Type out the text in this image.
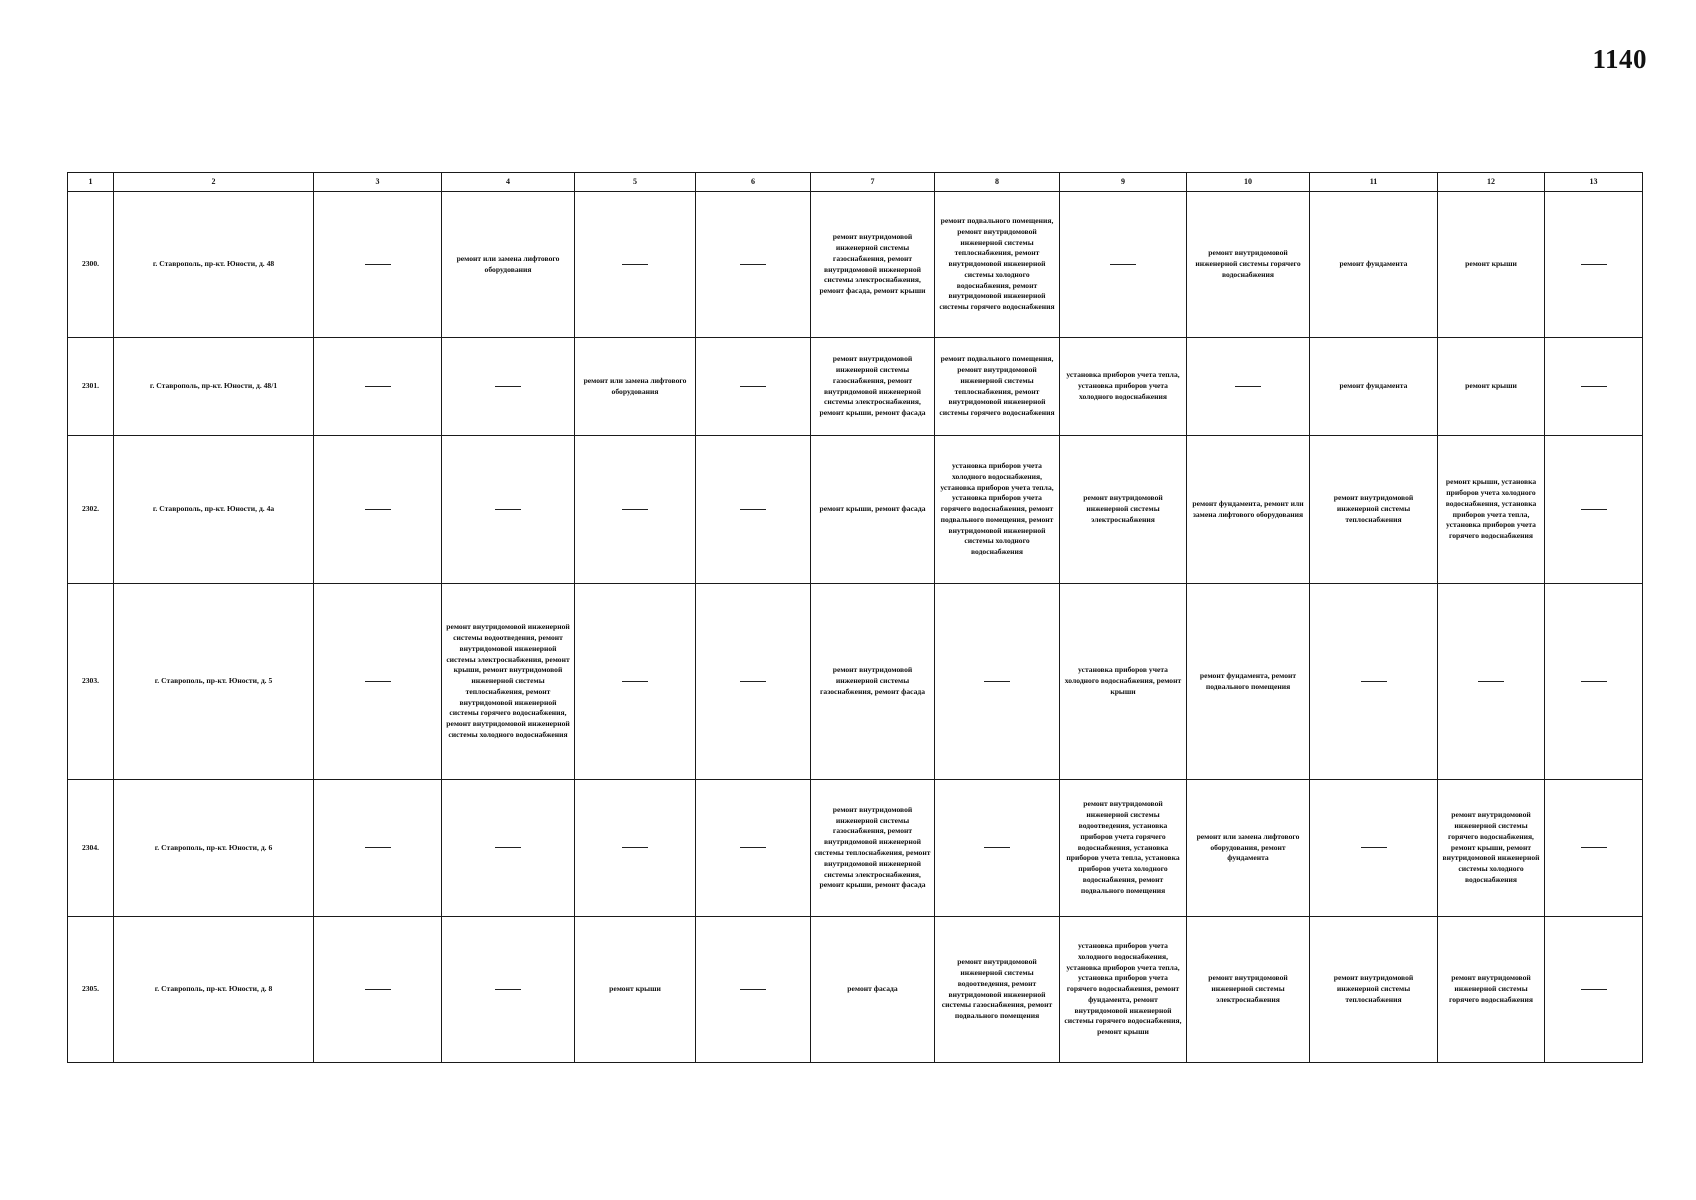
1140
1	2	3	4	5	6	7	8	9	10	11	12	13
2300.	г. Ставрополь, пр-кт. Юности, д. 48		ремонт или замена лифтового оборудования			ремонт внутридомовой инженерной системы газоснабжения, ремонт внутридомовой инженерной системы электроснабжения, ремонт фасада, ремонт крыши	ремонт подвального помещения, ремонт внутридомовой инженерной системы теплоснабжения, ремонт внутридомовой инженерной системы холодного водоснабжения, ремонт внутридомовой инженерной системы горячего водоснабжения		ремонт внутридомовой инженерной системы горячего водоснабжения	ремонт фундамента	ремонт крыши	
2301.	г. Ставрополь, пр-кт. Юности, д. 48/1			ремонт или замена лифтового оборудования		ремонт внутридомовой инженерной системы газоснабжения, ремонт внутридомовой инженерной системы электроснабжения, ремонт крыши, ремонт фасада	ремонт подвального помещения, ремонт внутридомовой инженерной системы теплоснабжения, ремонт внутридомовой инженерной системы горячего водоснабжения	установка приборов учета тепла, установка приборов учета холодного водоснабжения		ремонт фундамента	ремонт крыши	
2302.	г. Ставрополь, пр-кт. Юности, д. 4а					ремонт крыши, ремонт фасада	установка приборов учета холодного водоснабжения, установка приборов учета тепла, установка приборов учета горячего водоснабжения, ремонт подвального помещения, ремонт внутридомовой инженерной системы холодного водоснабжения	ремонт внутридомовой инженерной системы электроснабжения	ремонт фундамента, ремонт или замена лифтового оборудования	ремонт внутридомовой инженерной системы теплоснабжения	ремонт крыши, установка приборов учета холодного водоснабжения, установка приборов учета тепла, установка приборов учета горячего водоснабжения	
2303.	г. Ставрополь, пр-кт. Юности, д. 5		ремонт внутридомовой инженерной системы водоотведения, ремонт внутридомовой инженерной системы электроснабжения, ремонт крыши, ремонт внутридомовой инженерной системы теплоснабжения, ремонт внутридомовой инженерной системы горячего водоснабжения, ремонт внутридомовой инженерной системы холодного водоснабжения			ремонт внутридомовой инженерной системы газоснабжения, ремонт фасада		установка приборов учета холодного водоснабжения, ремонт крыши	ремонт фундамента, ремонт подвального помещения			
2304.	г. Ставрополь, пр-кт. Юности, д. 6					ремонт внутридомовой инженерной системы газоснабжения, ремонт внутридомовой инженерной системы теплоснабжения, ремонт внутридомовой инженерной системы электроснабжения, ремонт крыши, ремонт фасада		ремонт внутридомовой инженерной системы водоотведения, установка приборов учета горячего водоснабжения, установка приборов учета тепла, установка приборов учета холодного водоснабжения, ремонт подвального помещения	ремонт или замена лифтового оборудования, ремонт фундамента		ремонт внутридомовой инженерной системы горячего водоснабжения, ремонт крыши, ремонт внутридомовой инженерной системы холодного водоснабжения	
2305.	г. Ставрополь, пр-кт. Юности, д. 8			ремонт крыши		ремонт фасада	ремонт внутридомовой инженерной системы водоотведения, ремонт внутридомовой инженерной системы газоснабжения, ремонт подвального помещения	установка приборов учета холодного водоснабжения, установка приборов учета тепла, установка приборов учета горячего водоснабжения, ремонт фундамента, ремонт внутридомовой инженерной системы горячего водоснабжения, ремонт крыши	ремонт внутридомовой инженерной системы электроснабжения	ремонт внутридомовой инженерной системы теплоснабжения	ремонт внутридомовой инженерной системы горячего водоснабжения	
